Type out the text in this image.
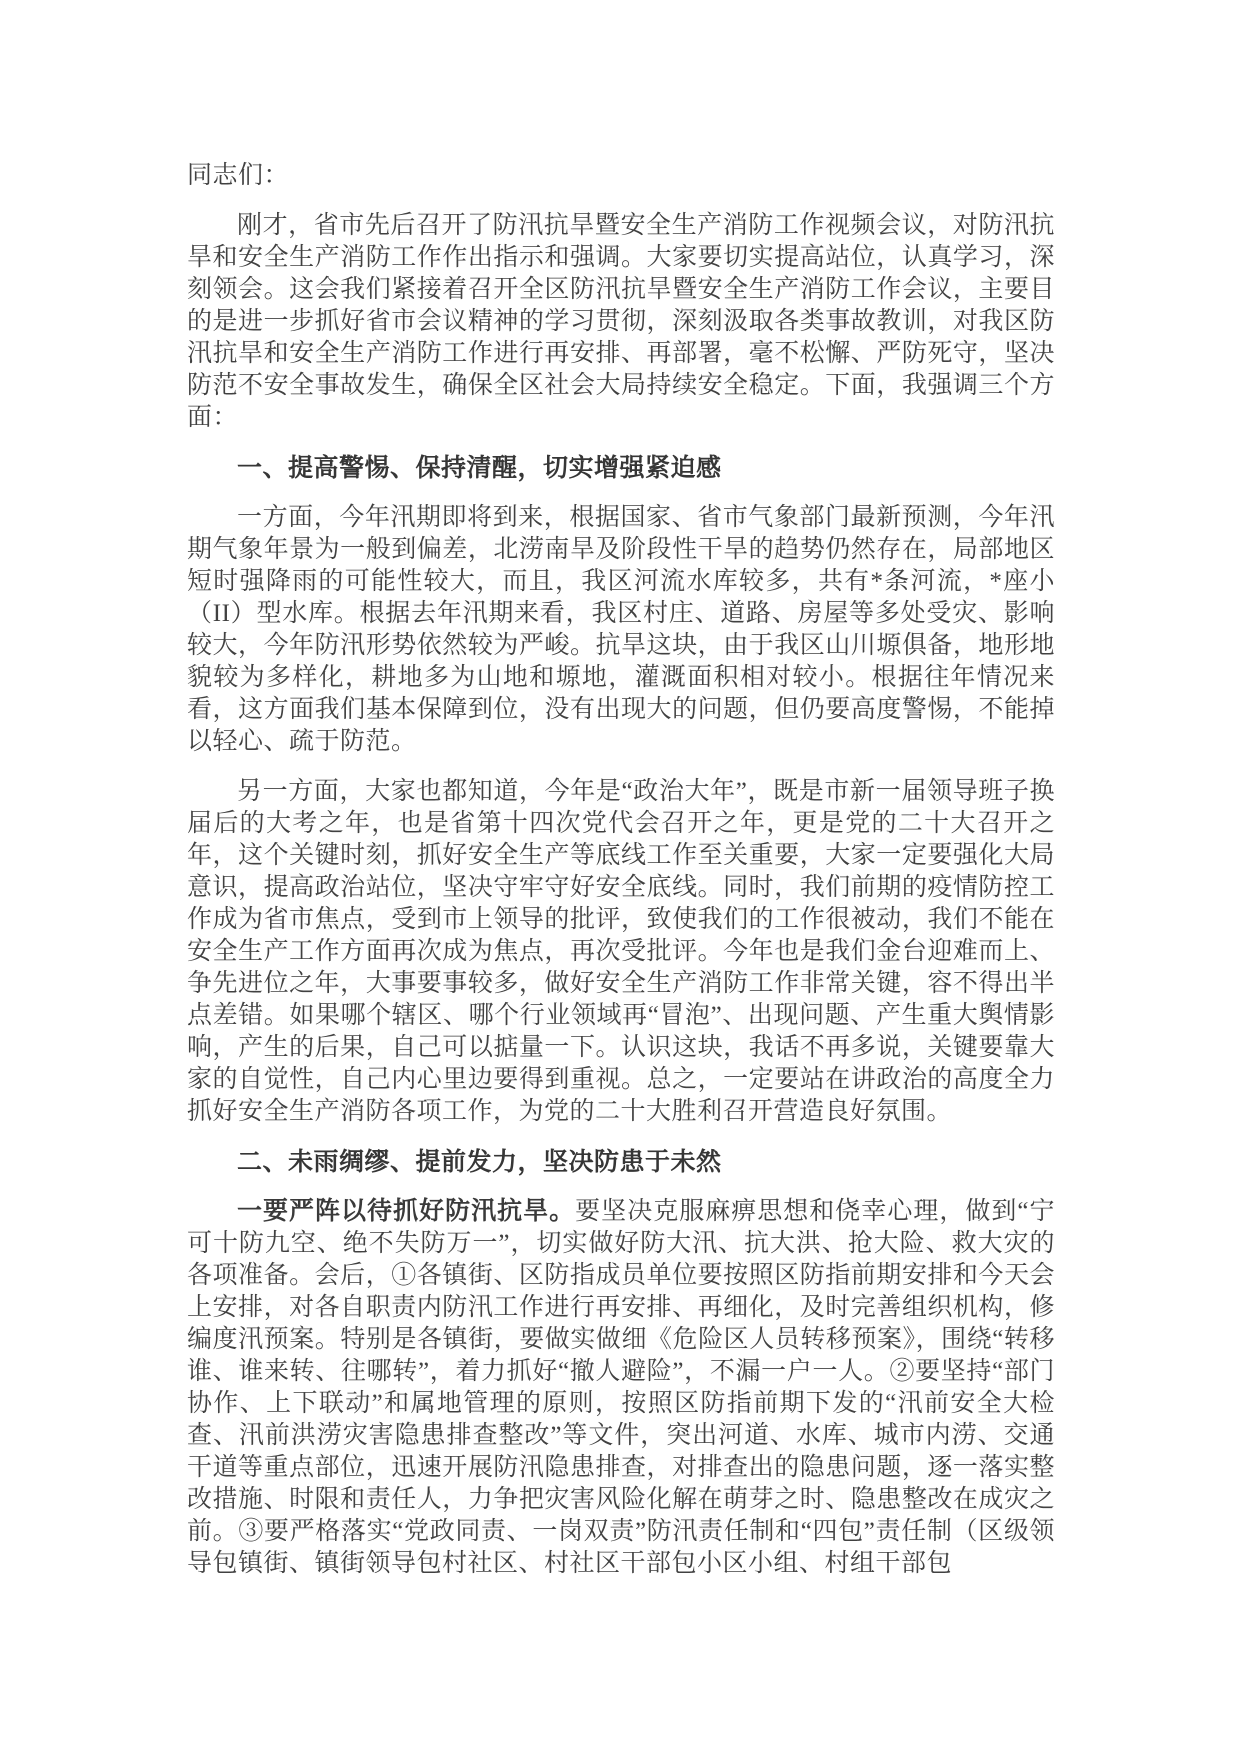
同志们：

刚才，省市先后召开了防汛抗旱暨安全生产消防工作视频会议，对防汛抗旱和安全生产消防工作作出指示和强调。大家要切实提高站位，认真学习，深刻领会。这会我们紧接着召开全区防汛抗旱暨安全生产消防工作会议，主要目的是进一步抓好省市会议精神的学习贯彻，深刻汲取各类事故教训，对我区防汛抗旱和安全生产消防工作进行再安排、再部署，毫不松懈、严防死守，坚决防范不安全事故发生，确保全区社会大局持续安全稳定。下面，我强调三个方面：

一、提高警惕、保持清醒，切实增强紧迫感

一方面，今年汛期即将到来，根据国家、省市气象部门最新预测，今年汛期气象年景为一般到偏差，北涝南旱及阶段性干旱的趋势仍然存在，局部地区短时强降雨的可能性较大，而且，我区河流水库较多，共有*条河流，*座小（II）型水库。根据去年汛期来看，我区村庄、道路、房屋等多处受灾、影响较大，今年防汛形势依然较为严峻。抗旱这块，由于我区山川塬俱备，地形地貌较为多样化，耕地多为山地和塬地，灌溉面积相对较小。根据往年情况来看，这方面我们基本保障到位，没有出现大的问题，但仍要高度警惕，不能掉以轻心、疏于防范。

另一方面，大家也都知道，今年是“政治大年”，既是市新一届领导班子换届后的大考之年，也是省第十四次党代会召开之年，更是党的二十大召开之年，这个关键时刻，抓好安全生产等底线工作至关重要，大家一定要强化大局意识，提高政治站位，坚决守牢守好安全底线。同时，我们前期的疫情防控工作成为省市焦点，受到市上领导的批评，致使我们的工作很被动，我们不能在安全生产工作方面再次成为焦点，再次受批评。今年也是我们金台迎难而上、争先进位之年，大事要事较多，做好安全生产消防工作非常关键，容不得出半点差错。如果哪个辖区、哪个行业领域再“冒泡”、出现问题、产生重大舆情影响，产生的后果，自己可以掂量一下。认识这块，我话不再多说，关键要靠大家的自觉性，自己内心里边要得到重视。总之，一定要站在讲政治的高度全力抓好安全生产消防各项工作，为党的二十大胜利召开营造良好氛围。

二、未雨绸缪、提前发力，坚决防患于未然

一要严阵以待抓好防汛抗旱。要坚决克服麻痹思想和侥幸心理，做到“宁可十防九空、绝不失防万一”，切实做好防大汛、抗大洪、抢大险、救大灾的各项准备。会后，①各镇街、区防指成员单位要按照区防指前期安排和今天会上安排，对各自职责内防汛工作进行再安排、再细化，及时完善组织机构，修编度汛预案。特别是各镇街，要做实做细《危险区人员转移预案》，围绕“转移谁、谁来转、往哪转”，着力抓好“撤人避险”，不漏一户一人。②要坚持“部门协作、上下联动”和属地管理的原则，按照区防指前期下发的“汛前安全大检查、汛前洪涝灾害隐患排查整改”等文件，突出河道、水库、城市内涝、交通干道等重点部位，迅速开展防汛隐患排查，对排查出的隐患问题，逐一落实整改措施、时限和责任人，力争把灾害风险化解在萌芽之时、隐患整改在成灾之前。③要严格落实“党政同责、一岗双责”防汛责任制和“四包”责任制（区级领导包镇街、镇街领导包村社区、村社区干部包小区小组、村组干部包
